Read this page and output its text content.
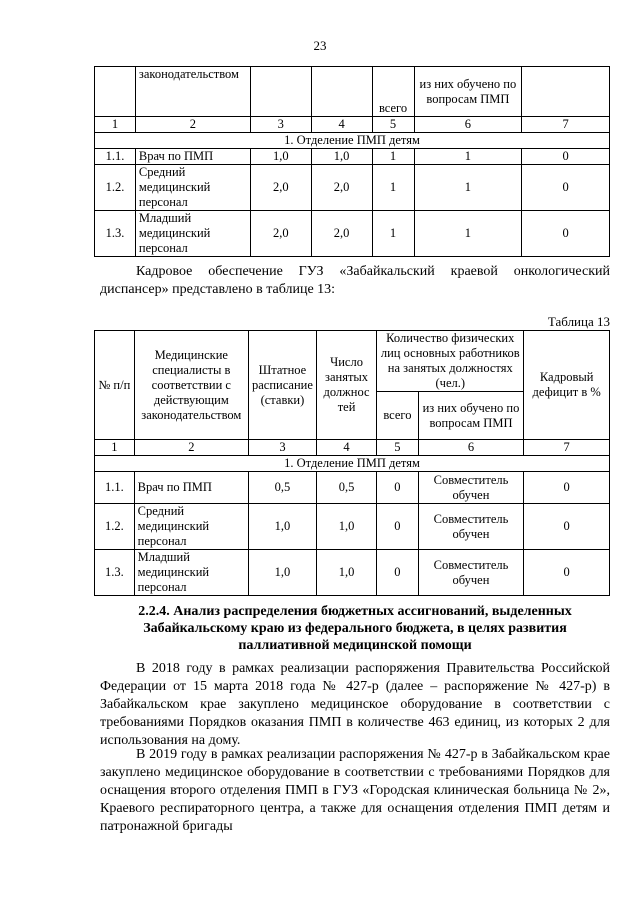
23
	законодательством			всего	из них обучено по вопросам ПМП	
1	2	3	4	5	6	7
1. Отделение ПМП детям						
1.1.	Врач по ПМП	1,0	1,0	1	1	0
1.2.	Средний медицинский персонал	2,0	2,0	1	1	0
1.3.	Младший медицинский персонал	2,0	2,0	1	1	0
Кадровое обеспечение ГУЗ «Забайкальский краевой онкологический диспансер» представлено в таблице 13:
Таблица 13
№ п/п	Медицинские специалисты в соответствии с действующим законодательством	Штатное расписание (ставки)	Число занятых должнос тей	Количество физических лиц основных работников на занятых должностях (чел.)		Кадровый дефицит в %
				всего	из них обучено по вопросам ПМП	
1	2	3	4	5	6	7
1. Отделение ПМП детям						
1.1.	Врач по ПМП	0,5	0,5	0	Совместитель обучен	0
1.2.	Средний медицинский персонал	1,0	1,0	0	Совместитель обучен	0
1.3.	Младший медицинский персонал	1,0	1,0	0	Совместитель обучен	0
2.2.4. Анализ распределения бюджетных ассигнований, выделенных Забайкальскому краю из федерального бюджета, в целях развития паллиативной медицинской помощи
В 2018 году в рамках реализации распоряжения Правительства Российской Федерации от 15 марта 2018 года № 427-р (далее – распоряжение № 427-р) в Забайкальском крае закуплено медицинское оборудование в соответствии с требованиями Порядков оказания ПМП в количестве 463 единиц, из которых 2 для использования на дому.
В 2019 году в рамках реализации распоряжения № 427-р в Забайкальском крае закуплено медицинское оборудование в соответствии с требованиями Порядков для оснащения второго отделения ПМП в ГУЗ «Городская клиническая больница № 2», Краевого респираторного центра, а также для оснащения отделения ПМП детям и патронажной бригады
